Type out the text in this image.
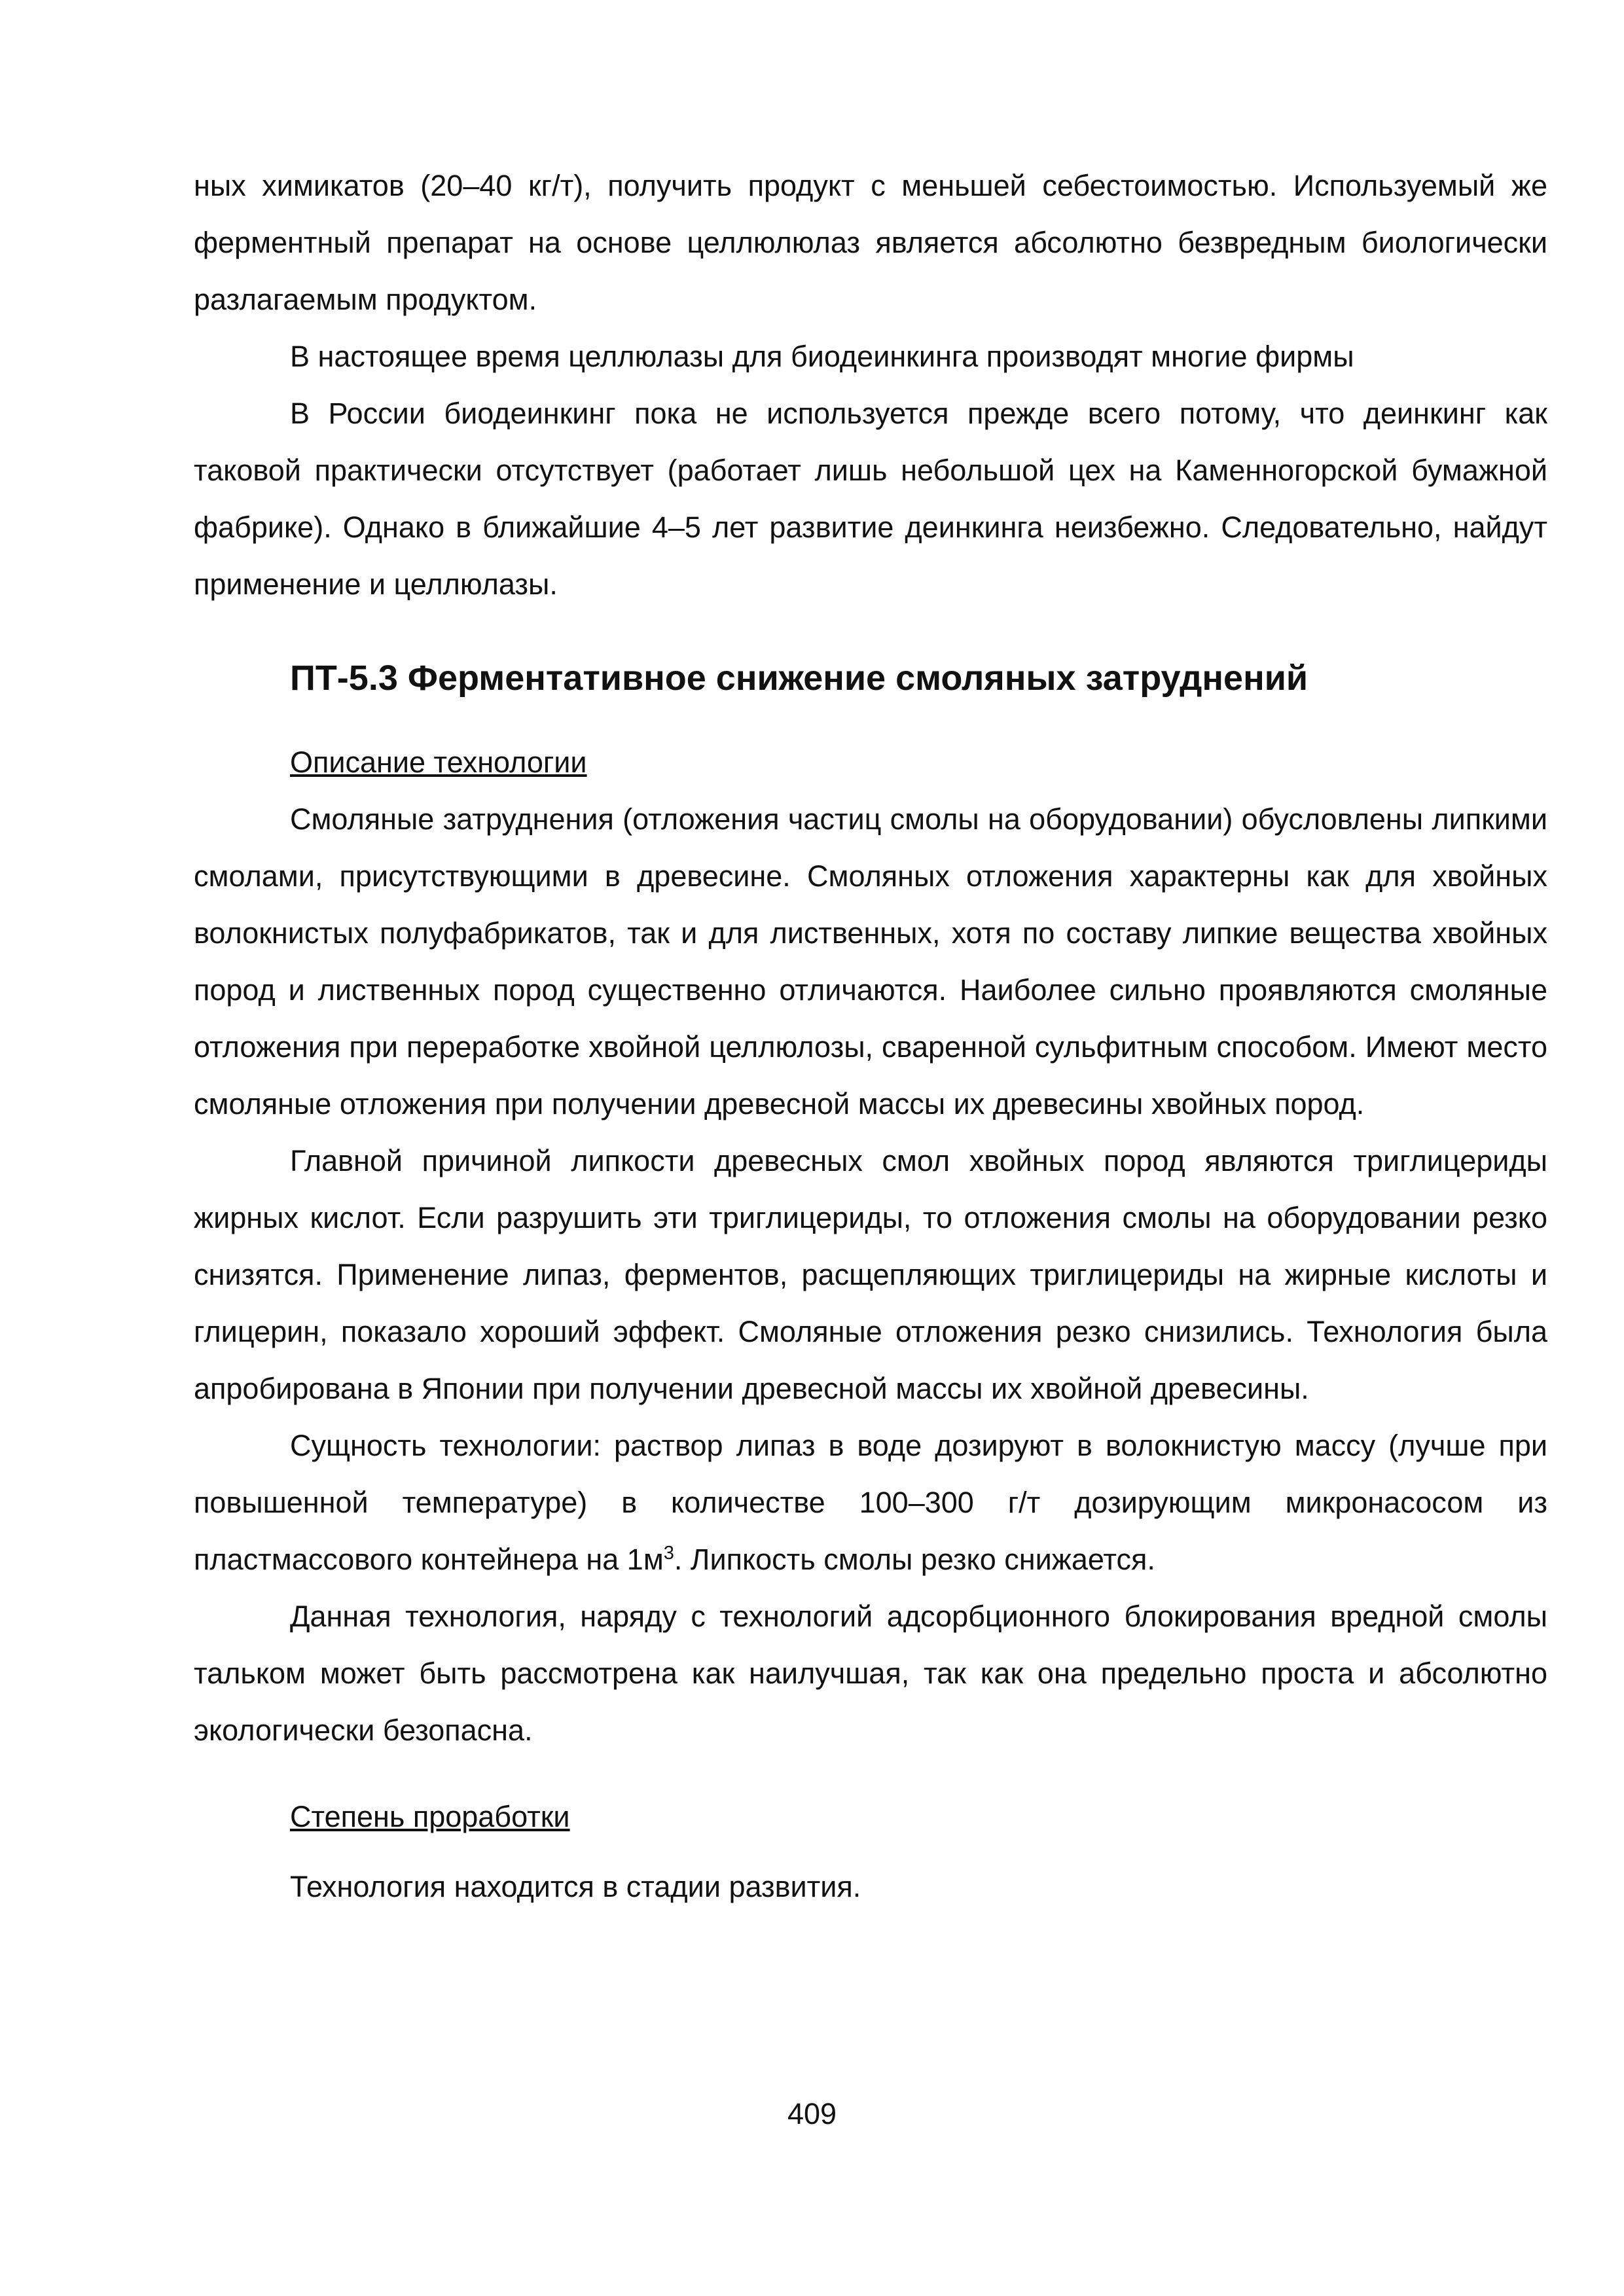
ных химикатов (20–40 кг/т), получить продукт с меньшей себестоимостью. Используемый же ферментный препарат на основе целлюлюлаз является абсолютно безвредным биологически разлагаемым продуктом.

В настоящее время целлюлазы для биодеинкинга производят многие фирмы

В России биодеинкинг пока не используется прежде всего потому, что деинкинг как таковой практически отсутствует (работает лишь небольшой цех на Каменногорской бумажной фабрике). Однако в ближайшие 4–5 лет развитие деинкинга неизбежно. Следовательно, найдут применение и целлюлазы.

ПТ-5.3 Ферментативное снижение смоляных затруднений

Описание технологии

Смоляные затруднения (отложения частиц смолы на оборудовании) обусловлены липкими смолами, присутствующими в древесине. Смоляных отложения характерны как для хвойных волокнистых полуфабрикатов, так и для лиственных, хотя по составу липкие вещества хвойных пород и лиственных пород существенно отличаются. Наиболее сильно проявляются смоляные отложения при переработке хвойной целлюлозы, сваренной сульфитным способом. Имеют место смоляные отложения при получении древесной массы их древесины хвойных пород.

Главной причиной липкости древесных смол хвойных пород являются триглицериды жирных кислот. Если разрушить эти триглицериды, то отложения смолы на оборудовании резко снизятся. Применение липаз, ферментов, расщепляющих триглицериды на жирные кислоты и глицерин, показало хороший эффект. Смоляные отложения резко снизились. Технология была апробирована в Японии при получении древесной массы их хвойной древесины.

Сущность технологии: раствор липаз в воде дозируют в волокнистую массу (лучше при повышенной температуре) в количестве 100–300 г/т дозирующим микронасосом из пластмассового контейнера на $1м^3$. Липкость смолы резко снижается.

Данная технология, наряду с технологий адсорбционного блокирования вредной смолы тальком может быть рассмотрена как наилучшая, так как она предельно проста и абсолютно экологически безопасна.

Степень проработки

Технология находится в стадии развития.

409
